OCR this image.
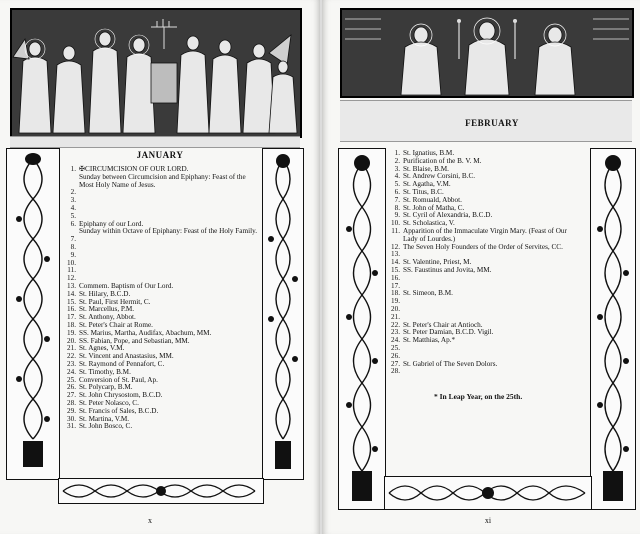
JANUARY
1. ✠CIRCUMCISION OF OUR LORD.
Sunday between Circumcision and Epiphany: Feast of the Most Holy Name of Jesus.
2.

3.

4.

5.

6. Epiphany of our Lord.
Sunday within Octave of Epiphany: Feast of the Holy Family.
7.

8.

9.

10.

11.

12.

13. Commem. Baptism of Our Lord.
14. St. Hilary, B.C.D.
15. St. Paul, First Hermit, C.
16. St. Marcellus, P.M.
17. St. Anthony, Abbot.
18. St. Peter's Chair at Rome.
19. SS. Marius, Martha, Audifax, Abachum, MM.
20. SS. Fabian, Pope, and Sebastian, MM.
21. St. Agnes, V.M.
22. St. Vincent and Anastasius, MM.
23. St. Raymond of Pennafort, C.
24. St. Timothy, B.M.
25. Conversion of St. Paul, Ap.
26. St. Polycarp, B.M.
27. St. John Chrysostom, B.C.D.
28. St. Peter Nolasco, C.
29. St. Francis of Sales, B.C.D.
30. St. Martina, V.M.
31. St. John Bosco, C.
x
FEBRUARY
1. St. Ignatius, B.M.
2. Purification of the B. V. M.
3. St. Blaise, B.M.
4. St. Andrew Corsini, B.C.
5. St. Agatha, V.M.
6. St. Titus, B.C.
7. St. Romuald, Abbot.
8. St. John of Matha, C.
9. St. Cyril of Alexandria, B.C.D.
10. St. Scholastica, V.
11. Apparition of the Immaculate Virgin Mary. (Feast of Our Lady of Lourdes.)
12. The Seven Holy Founders of the Order of Servites, CC.
13.

14. St. Valentine, Priest, M.
15. SS. Faustinus and Jovita, MM.
16.

17.

18. St. Simeon, B.M.
19.

20.

21.

22. St. Peter's Chair at Antioch.
23. St. Peter Damian, B.C.D. Vigil.
24. St. Matthias, Ap.*
25.

26.

27. St. Gabriel of The Seven Dolors.
28.

* In Leap Year, on the 25th.
xi
